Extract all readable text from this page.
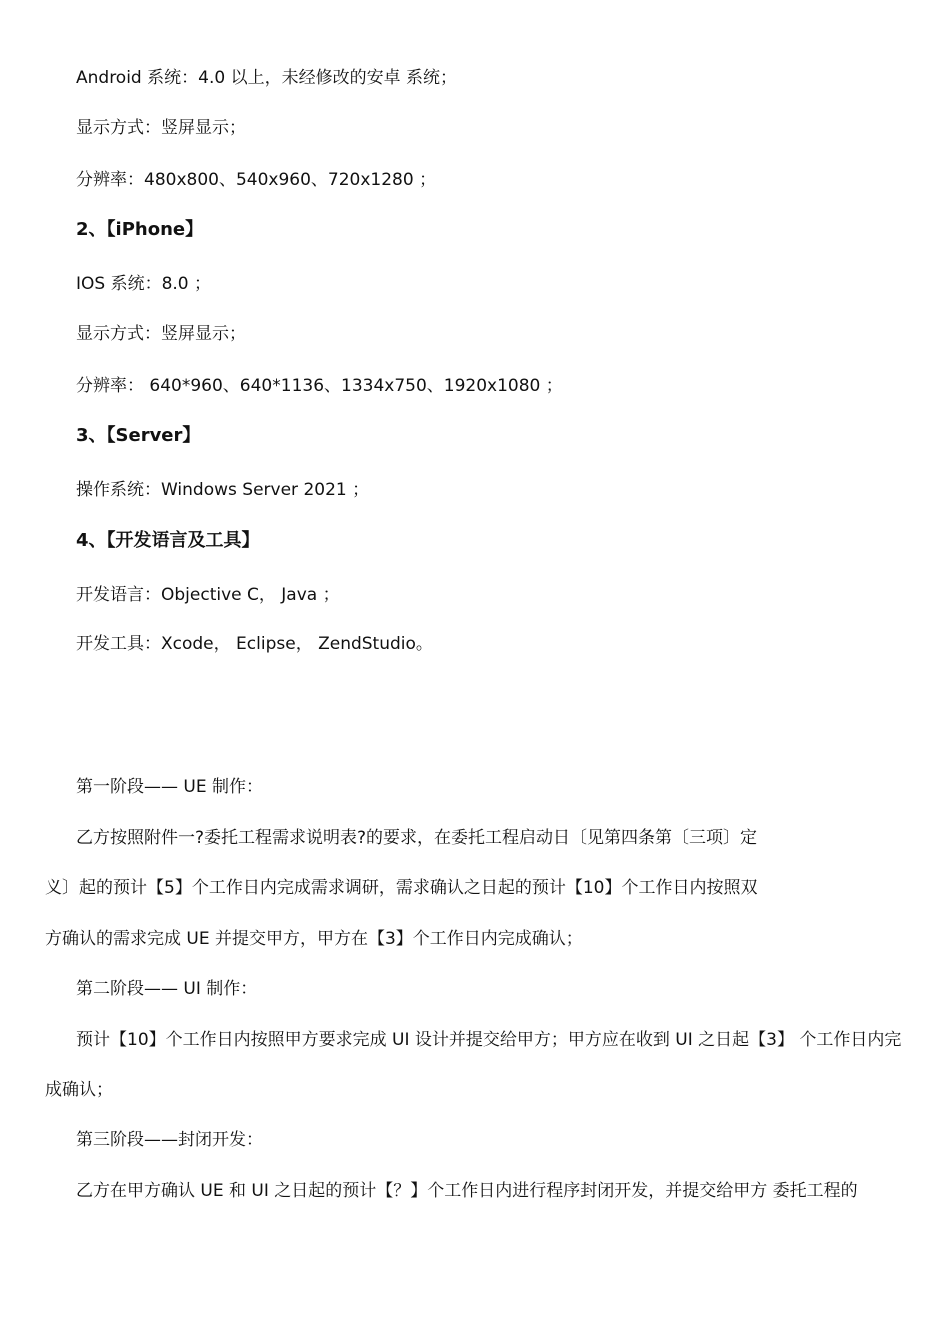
Android 系统：4.0 以上，未经修改的安卓 系统；
显示方式：竖屏显示；
分辨率：480x800、540x960、720x1280 ；
2、【iPhone】
IOS 系统：8.0 ；
显示方式：竖屏显示；
分辨率： 640*960、640*1136、1334x750、1920x1080 ；
3、【Server】
操作系统：Windows Server 2021 ；
4、【开发语言及工具】
开发语言：Objective C， Java ；
开发工具：Xcode， Eclipse， ZendStudio。
第一阶段—— UE 制作：
乙方按照附件一?委托工程需求说明表?的要求，在委托工程启动日〔见第四条第〔三项〕定
义〕起的预计【5】个工作日内完成需求调研，需求确认之日起的预计【10】个工作日内按照双
方确认的需求完成 UE 并提交甲方，甲方在【3】个工作日内完成确认；
第二阶段—— UI 制作：
预计【10】个工作日内按照甲方要求完成 UI 设计并提交给甲方；甲方应在收到 UI 之日起【3】 个工作日内完
成确认；
第三阶段——封闭开发：
乙方在甲方确认 UE 和 UI 之日起的预计【？】个工作日内进行程序封闭开发，并提交给甲方 委托工程的
